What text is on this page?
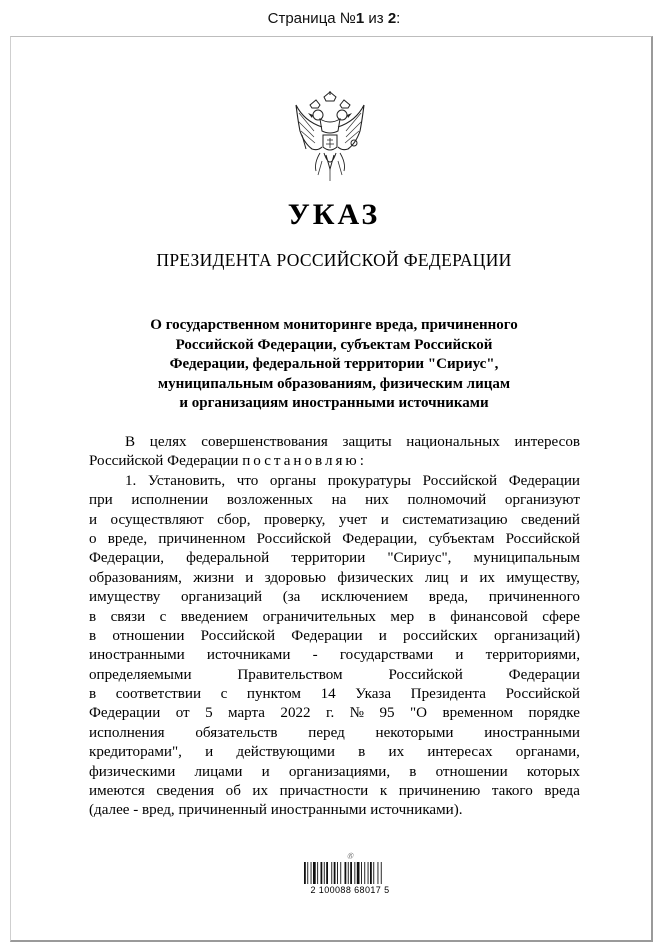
Страница №1 из 2:
УКАЗ
ПРЕЗИДЕНТА РОССИЙСКОЙ ФЕДЕРАЦИИ
О государственном мониторинге вреда, причиненного
Российской Федерации, субъектам Российской
Федерации, федеральной территории "Сириус",
муниципальным образованиям, физическим лицам
и организациям иностранными источниками
В целях совершенствования защиты национальных интересов
Российской Федерации постановляю :
1. Установить, что органы прокуратуры Российской Федерации
при исполнении возложенных на них полномочий организуют
и осуществляют сбор, проверку, учет и систематизацию сведений
о вреде, причиненном Российской Федерации, субъектам Российской
Федерации, федеральной территории "Сириус", муниципальным
образованиям, жизни и здоровью физических лиц и их имуществу,
имуществу организаций (за исключением вреда, причиненного
в связи с введением ограничительных мер в финансовой сфере
в отношении Российской Федерации и российских организаций)
иностранными источниками - государствами и территориями,
определяемыми	Правительством	Российской	Федерации
в соответствии с пунктом 14 Указа Президента Российской
Федерации от 5 марта 2022 г. № 95 "О временном порядке
исполнения обязательств перед некоторыми иностранными
кредиторами", и действующими в их интересах органами,
физическими лицами и организациями, в отношении которых
имеются сведения об их причастности к причинению такого вреда
(далее - вред, причиненный иностранными источниками).
Ⓡ
2 100088 68017 5
